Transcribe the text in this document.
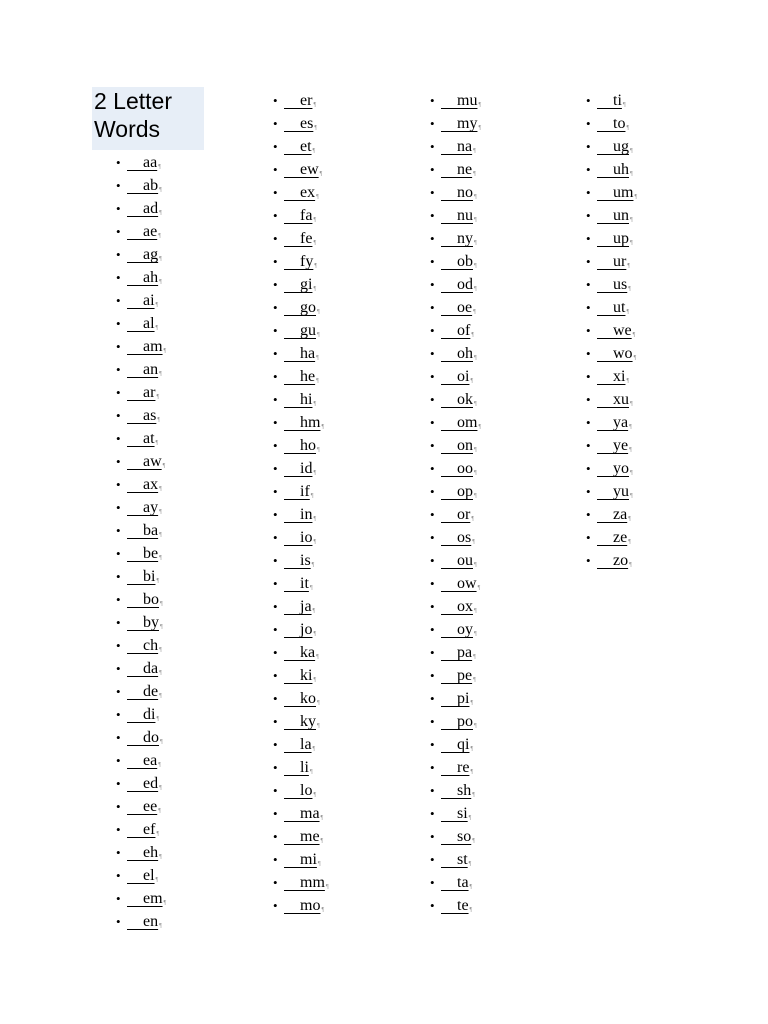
2 Letter
Words
• aa¶
• ab¶
• ad¶
• ae¶
• ag¶
• ah¶
• ai¶
• al¶
• am¶
• an¶
• ar¶
• as¶
• at¶
• aw¶
• ax¶
• ay¶
• ba¶
• be¶
• bi¶
• bo¶
• by¶
• ch¶
• da¶
• de¶
• di¶
• do¶
• ea¶
• ed¶
• ee¶
• ef¶
• eh¶
• el¶
• em¶
• en¶
• er¶
• es¶
• et¶
• ew¶
• ex¶
• fa¶
• fe¶
• fy¶
• gi¶
• go¶
• gu¶
• ha¶
• he¶
• hi¶
• hm¶
• ho¶
• id¶
• if¶
• in¶
• io¶
• is¶
• it¶
• ja¶
• jo¶
• ka¶
• ki¶
• ko¶
• ky¶
• la¶
• li¶
• lo¶
• ma¶
• me¶
• mi¶
• mm¶
• mo¶
• mu¶
• my¶
• na¶
• ne¶
• no¶
• nu¶
• ny¶
• ob¶
• od¶
• oe¶
• of¶
• oh¶
• oi¶
• ok¶
• om¶
• on¶
• oo¶
• op¶
• or¶
• os¶
• ou¶
• ow¶
• ox¶
• oy¶
• pa¶
• pe¶
• pi¶
• po¶
• qi¶
• re¶
• sh¶
• si¶
• so¶
• st¶
• ta¶
• te¶
• ti¶
• to¶
• ug¶
• uh¶
• um¶
• un¶
• up¶
• ur¶
• us¶
• ut¶
• we¶
• wo¶
• xi¶
• xu¶
• ya¶
• ye¶
• yo¶
• yu¶
• za¶
• ze¶
• zo¶
